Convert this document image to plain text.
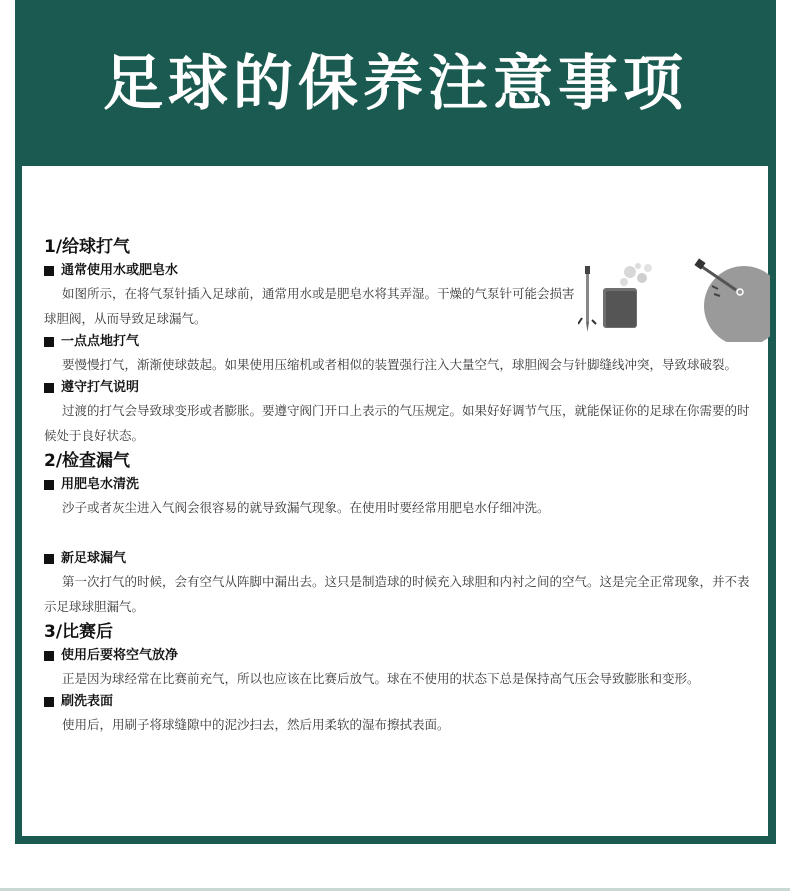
足球的保养注意事项

1/给球打气

通常使用水或肥皂水

如图所示，在将气泵针插入足球前，通常用水或是肥皂水将其弄湿。干燥的气泵针可能会损害球胆阀，从而导致足球漏气。

一点点地打气

要慢慢打气，渐渐使球鼓起。如果使用压缩机或者相似的装置强行注入大量空气，球胆阀会与针脚缝线冲突，导致球破裂。

遵守打气说明

过渡的打气会导致球变形或者膨胀。要遵守阀门开口上表示的气压规定。如果好好调节气压，就能保证你的足球在你需要的时候处于良好状态。

2/检查漏气

用肥皂水清洗

沙子或者灰尘进入气阀会很容易的就导致漏气现象。在使用时要经常用肥皂水仔细冲洗。

新足球漏气

第一次打气的时候，会有空气从阵脚中漏出去。这只是制造球的时候充入球胆和内衬之间的空气。这是完全正常现象，并不表示足球球胆漏气。

3/比赛后

使用后要将空气放净

正是因为球经常在比赛前充气，所以也应该在比赛后放气。球在不使用的状态下总是保持高气压会导致膨胀和变形。

刷洗表面

使用后，用刷子将球缝隙中的泥沙扫去，然后用柔软的湿布擦拭表面。
